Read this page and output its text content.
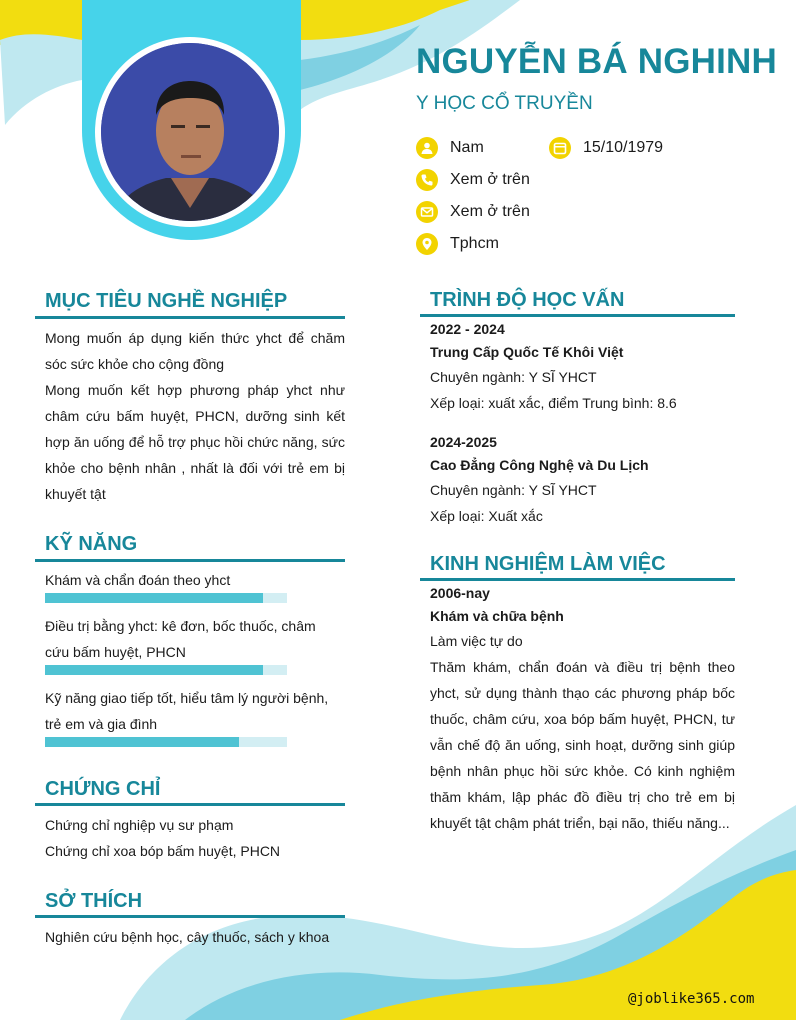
NGUYỄN BÁ NGHINH
Y HỌC CỔ TRUYỀN
Nam	15/10/1979
Xem ở trên
Xem ở trên
Tphcm
MỤC TIÊU NGHỀ NGHIỆP
Mong muốn áp dụng kiến thức yhct để chăm sóc sức khỏe cho cộng đồng
Mong muốn kết hợp phương pháp yhct như châm cứu bấm huyệt, PHCN, dưỡng sinh kết hợp ăn uống để hỗ trợ phục hồi chức năng, sức khỏe cho bệnh nhân , nhất là đối với trẻ em bị khuyết tật
KỸ NĂNG
Khám và chẩn đoán theo yhct
Điều trị bằng yhct: kê đơn, bốc thuốc, châm cứu bấm huyệt, PHCN
Kỹ năng giao tiếp tốt, hiểu tâm lý người bệnh, trẻ em và gia đình
CHỨNG CHỈ
Chứng chỉ nghiệp vụ sư phạm
Chứng chỉ xoa bóp bấm huyệt, PHCN
SỞ THÍCH
Nghiên cứu bệnh học, cây thuốc, sách y khoa
TRÌNH ĐỘ HỌC VẤN
2022 - 2024
Trung Cấp Quốc Tế Khôi Việt
Chuyên ngành: Y SĨ YHCT
Xếp loại: xuất xắc, điểm Trung bình: 8.6
2024-2025
Cao Đẳng Công Nghệ và Du Lịch
Chuyên ngành: Y SĨ YHCT
Xếp loại: Xuất xắc
KINH NGHIỆM LÀM VIỆC
2006-nay
Khám và chữa bệnh
Làm việc tự do
Thăm khám, chẩn đoán và điều trị bệnh theo yhct, sử dụng thành thạo các phương pháp bốc thuốc, châm cứu, xoa bóp bấm huyệt, PHCN, tư vẫn chế độ ăn uống, sinh hoạt, dưỡng sinh giúp bệnh nhân phục hồi sức khỏe. Có kinh nghiệm thăm khám, lập phác đồ điều trị cho trẻ em bị khuyết tật chậm phát triển, bại não, thiếu năng...
@joblike365.com
